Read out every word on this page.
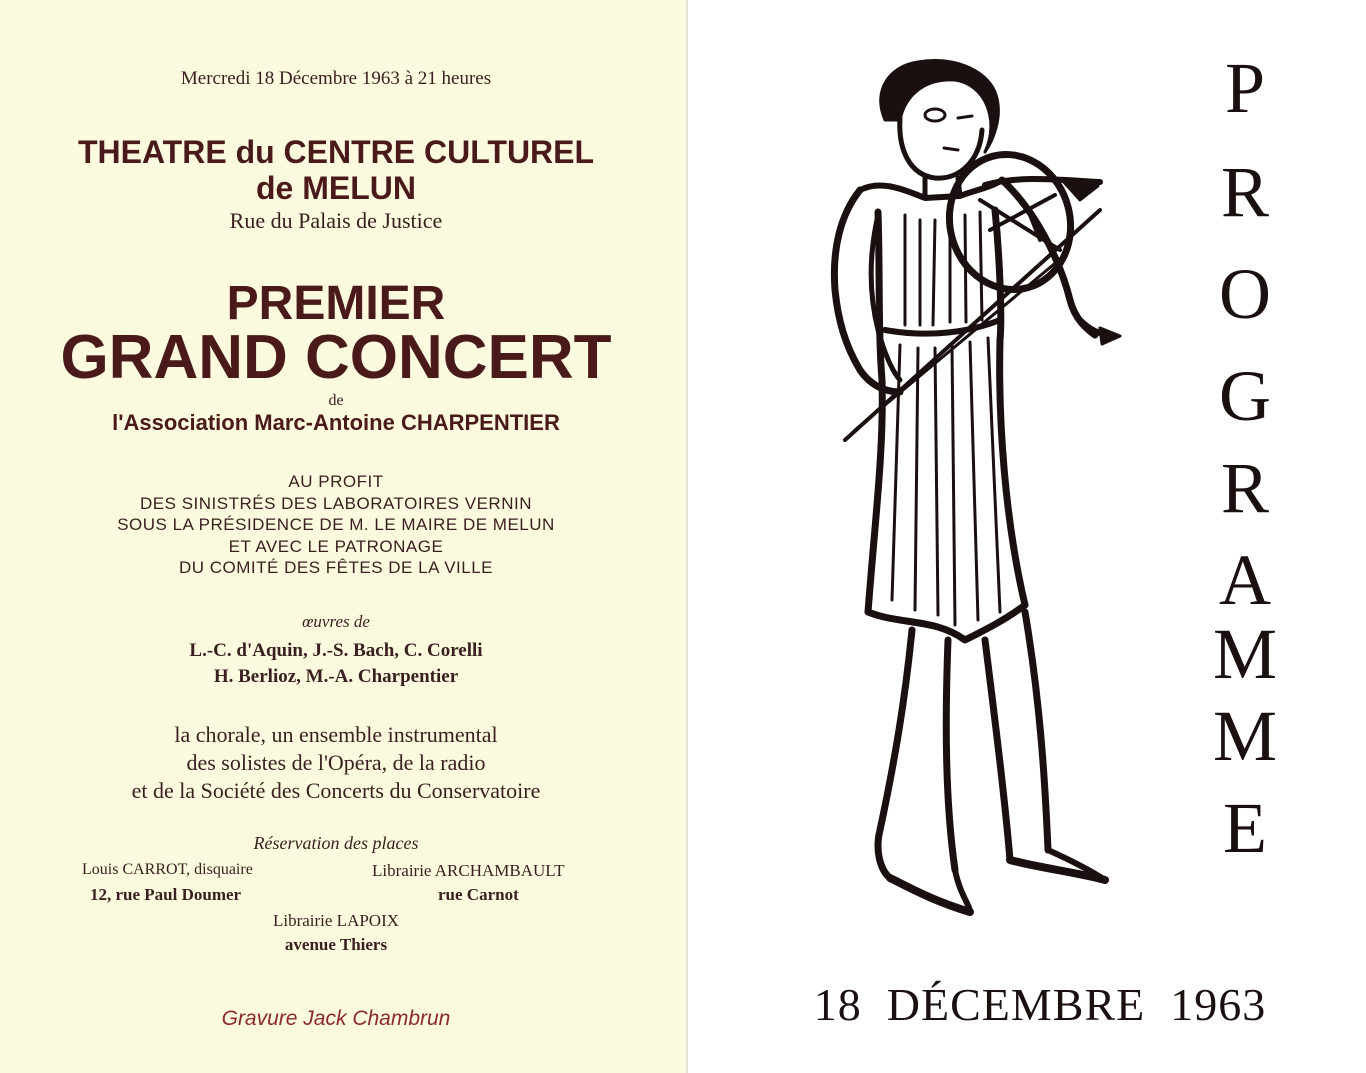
Mercredi 18 Décembre 1963 à 21 heures
THEATRE du CENTRE CULTUREL
de MELUN
Rue du Palais de Justice
PREMIER
GRAND CONCERT
de
l'Association Marc-Antoine CHARPENTIER
AU PROFIT
DES SINISTRÉS DES LABORATOIRES VERNIN
SOUS LA PRÉSIDENCE DE M. LE MAIRE DE MELUN
ET AVEC LE PATRONAGE
DU COMITÉ DES FÊTES DE LA VILLE
œuvres de
L.-C. d'Aquin, J.-S. Bach, C. Corelli
H. Berlioz, M.-A. Charpentier
la chorale, un ensemble instrumental
des solistes de l'Opéra, de la radio
et de la Société des Concerts du Conservatoire
Réservation des places
Louis CARROT, disquaire
12, rue Paul Doumer
Librairie ARCHAMBAULT
rue Carnot
Librairie LAPOIX
avenue Thiers
Gravure Jack Chambrun
P
R
O
G
R
A
M
M
E
18  DÉCEMBRE  1963
